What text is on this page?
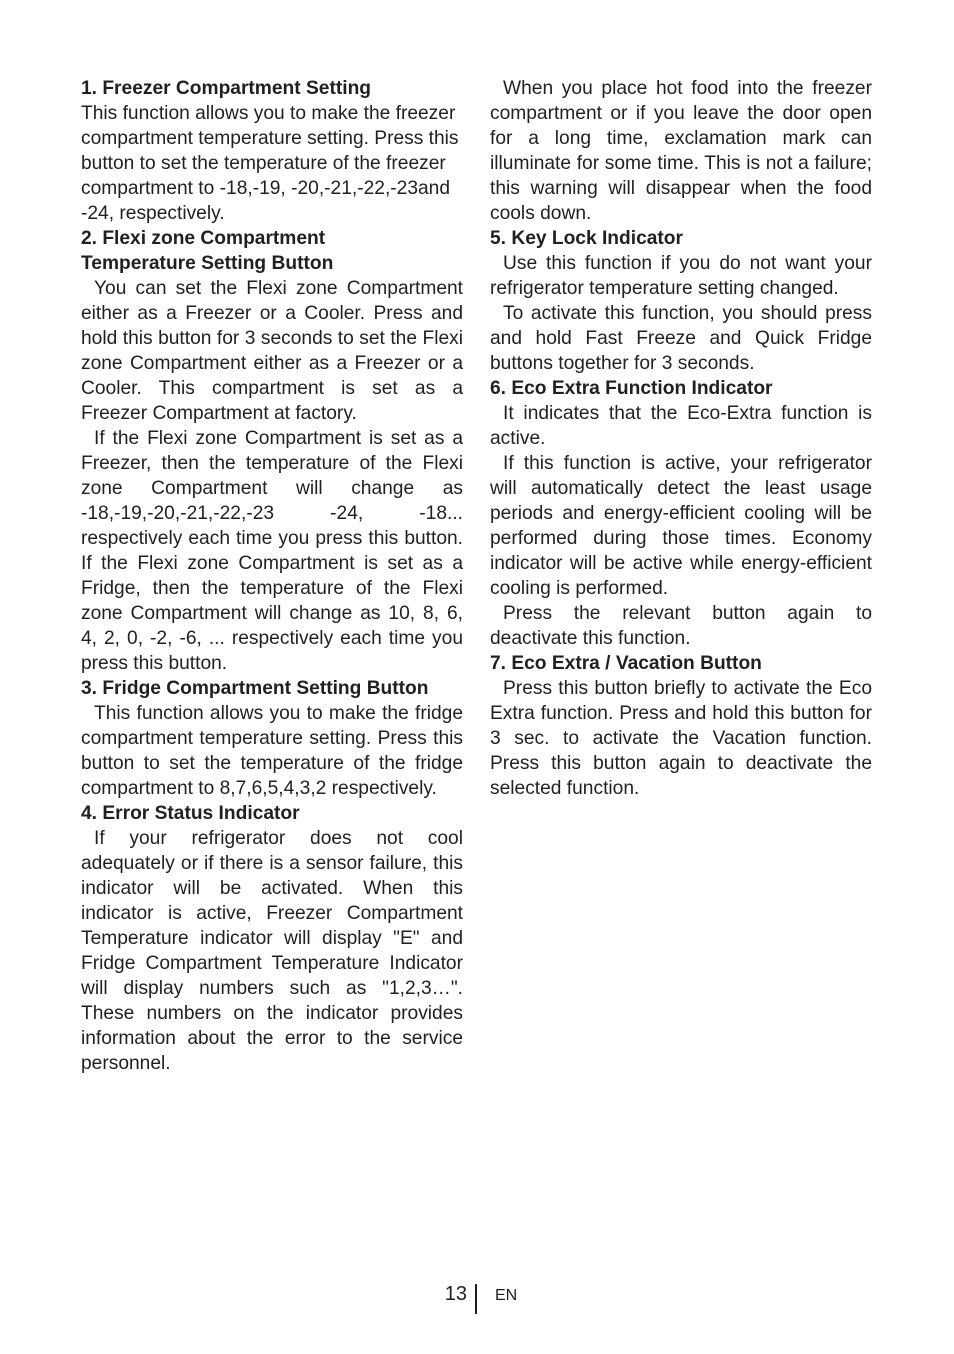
1. Freezer Compartment Setting

This function allows you to make the freezer compartment temperature setting. Press this button to set the temperature of the freezer compartment to -18,-19, -20,-21,-22,-23and -24, respectively.

2. Flexi zone Compartment
Temperature Setting Button

You can set the Flexi zone Compartment either as a Freezer or a Cooler. Press and hold this button for 3 seconds to set the Flexi zone Compartment either as a Freezer or a Cooler. This compartment is set as a Freezer Compartment at factory.

If the Flexi zone Compartment is set as a Freezer, then the temperature of the Flexi zone Compartment will change as -18,-19,-20,-21,-22,-23 -24, -18... respectively each time you press this button. If the Flexi zone Compartment is set as a Fridge, then the temperature of the Flexi zone Compartment will change as 10, 8, 6, 4, 2, 0, -2, -6, ... respectively each time you press this button.

3. Fridge Compartment Setting Button

This function allows you to make the fridge compartment temperature setting. Press this button to set the temperature of the fridge compartment to 8,7,6,5,4,3,2 respectively.

4. Error Status Indicator

If your refrigerator does not cool adequately or if there is a sensor failure, this indicator will be activated. When this indicator is active, Freezer Compartment Temperature indicator will display "E" and Fridge Compartment Temperature Indicator will display numbers such as "1,2,3…". These numbers on the indicator provides information about the error to the service personnel.

When you place hot food into the freezer compartment or if you leave the door open for a long time, exclamation mark can illuminate for some time. This is not a failure; this warning will disappear when the food cools down.

5. Key Lock Indicator

Use this function if you do not want your refrigerator temperature setting changed.

To activate this function, you should press and hold Fast Freeze and Quick Fridge buttons together for 3 seconds.

6. Eco Extra Function Indicator

It indicates that the Eco-Extra function is active.

If this function is active, your refrigerator will automatically detect the least usage periods and energy-efficient cooling will be performed during those times. Economy indicator will be active while energy-efficient cooling is performed.

Press the relevant button again to deactivate this function.

7. Eco Extra / Vacation Button

Press this button briefly to activate the Eco Extra function. Press and hold this button for 3 sec. to activate the Vacation function. Press this button again to deactivate the selected function.

13 EN
